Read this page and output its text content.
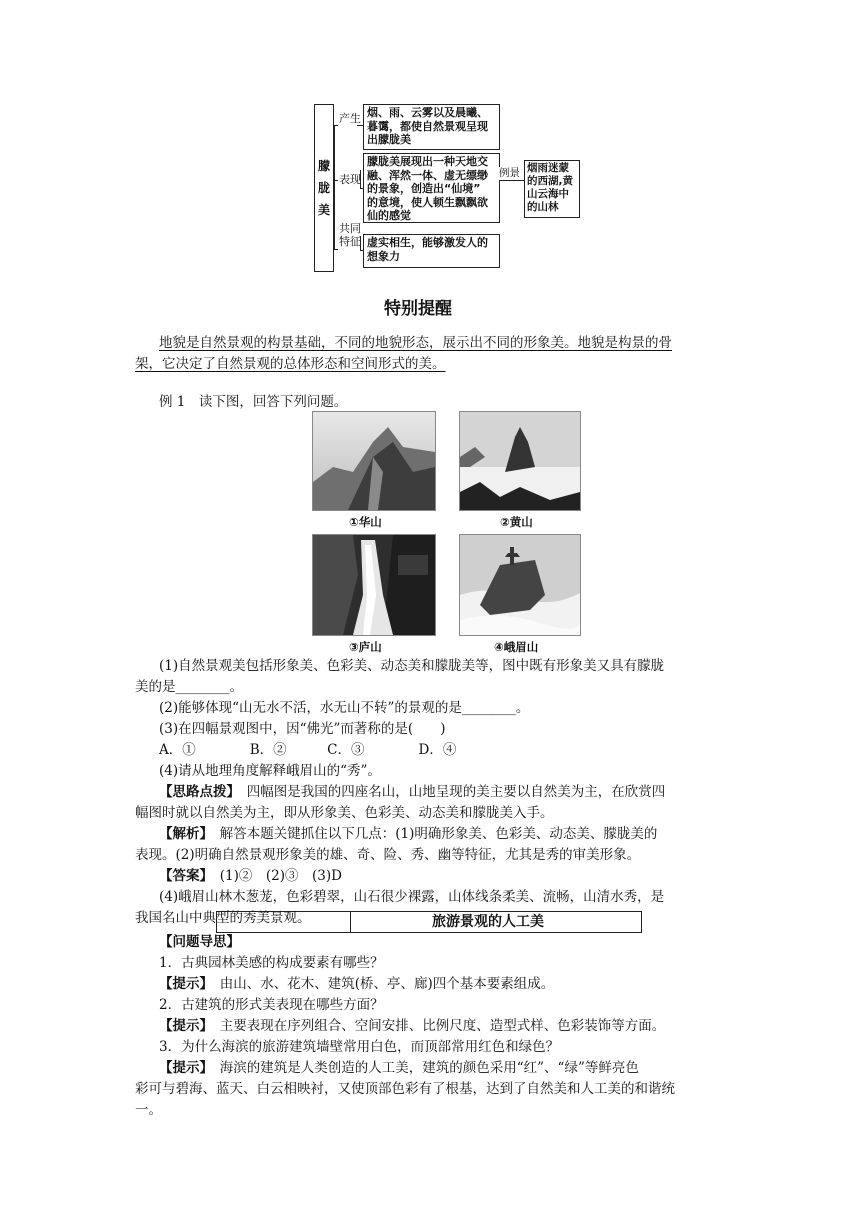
朦胧美
产生
表现
共同特征
烟、雨、云雾以及晨曦、
暮霭，都使自然景观呈现
出朦胧美
朦胧美展现出一种天地交
融、浑然一体、虚无缥缈
的景象，创造出“仙境”
的意境，使人顿生飘飘欲
仙的感觉
虚实相生，能够激发人的
想象力
例景 烟雨迷蒙
的西湖,黄
山云海中
的山林
特别提醒
地貌是自然景观的构景基础，不同的地貌形态，展示出不同的形象美。地貌是构景的骨
架，它决定了自然景观的总体形态和空间形式的美。
例 1　读下图，回答下列问题。
①华山	②黄山
③庐山	④峨眉山
(1)自然景观美包括形象美、色彩美、动态美和朦胧美等，图中既有形象美又具有朦胧
美的是________。
(2)能够体现“山无水不活，水无山不转”的景观的是________。
(3)在四幅景观图中，因“佛光”而著称的是(　　)
A．①　　　　B．②　　　C．③　　　　D．④
(4)请从地理角度解释峨眉山的“秀”。
【思路点拨】　四幅图是我国的四座名山，山地呈现的美主要以自然美为主，在欣赏四
幅图时就以自然美为主，即从形象美、色彩美、动态美和朦胧美入手。
【解析】　解答本题关键抓住以下几点：(1)明确形象美、色彩美、动态美、朦胧美的
表现。(2)明确自然景观形象美的雄、奇、险、秀、幽等特征，尤其是秀的审美形象。
【答案】　(1)②　(2)③　(3)D
(4)峨眉山林木葱茏，色彩碧翠，山石很少裸露，山体线条柔美、流畅，山清水秀，是
我国名山中典型的秀美景观。	旅游景观的人工美
【问题导思】
1．古典园林美感的构成要素有哪些？
【提示】　由山、水、花木、建筑(桥、亭、廊)四个基本要素组成。
2．古建筑的形式美表现在哪些方面？
【提示】　主要表现在序列组合、空间安排、比例尺度、造型式样、色彩装饰等方面。
3．为什么海滨的旅游建筑墙壁常用白色，而顶部常用红色和绿色？
【提示】　海滨的建筑是人类创造的人工美，建筑的颜色采用“红”、“绿”等鲜亮色
彩可与碧海、蓝天、白云相映衬，又使顶部色彩有了根基，达到了自然美和人工美的和谐统
一。
